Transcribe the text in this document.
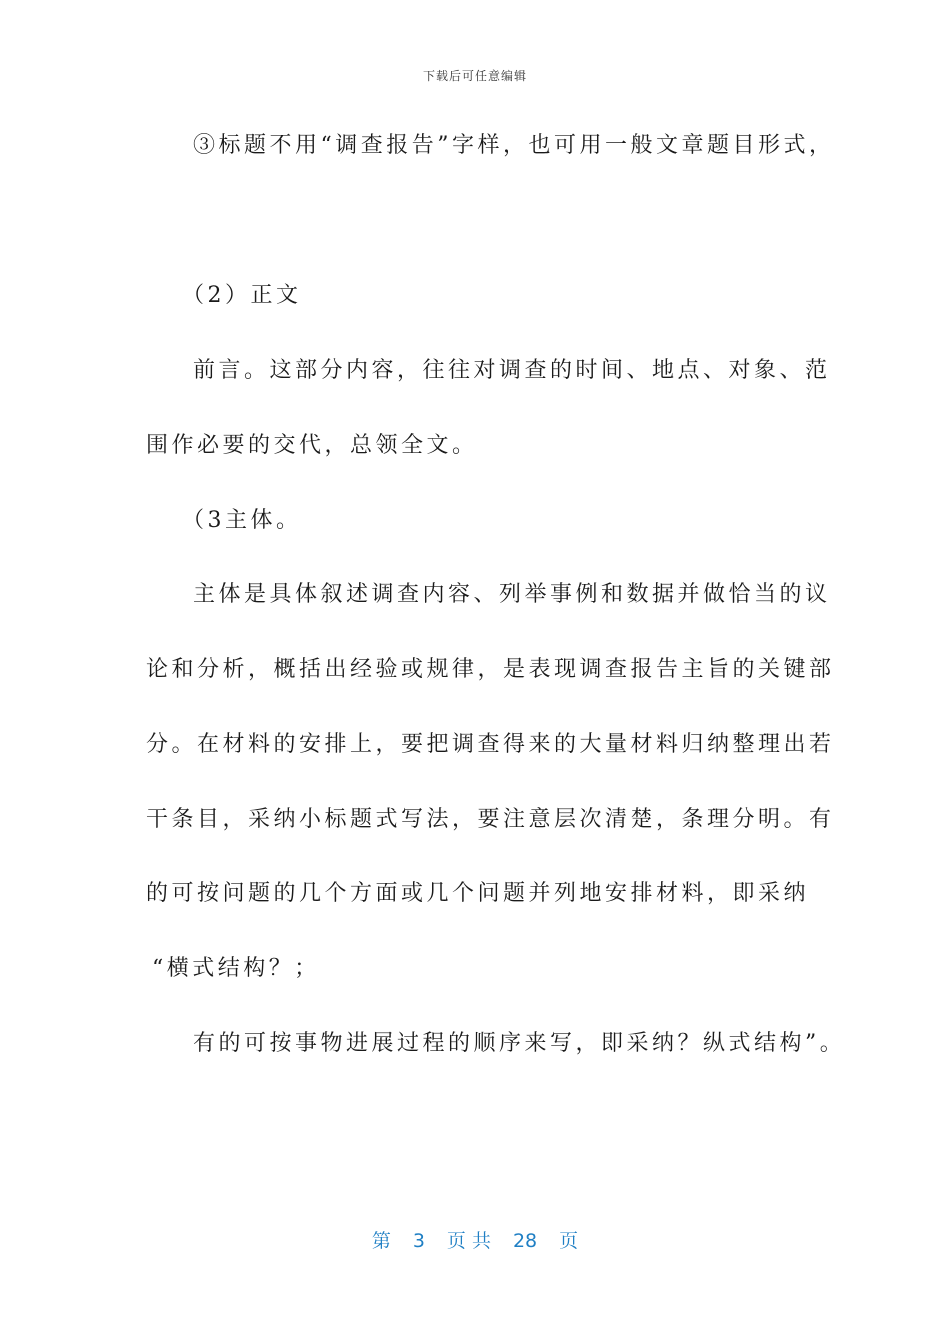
下载后可任意编辑
③标题不用“调查报告”字样，也可用一般文章题目形式，
（2）正文
前言。这部分内容，往往对调查的时间、地点、对象、范
围作必要的交代，总领全文。
（3主体。
主体是具体叙述调查内容、列举事例和数据并做恰当的议
论和分析，概括出经验或规律，是表现调查报告主旨的关键部
分。在材料的安排上，要把调查得来的大量材料归纳整理出若
干条目，采纳小标题式写法，要注意层次清楚，条理分明。有
的可按问题的几个方面或几个问题并列地安排材料，即采纳
“横式结构？；
有的可按事物进展过程的顺序来写，即采纳？纵式结构”。
第 3 页 共 28 页
